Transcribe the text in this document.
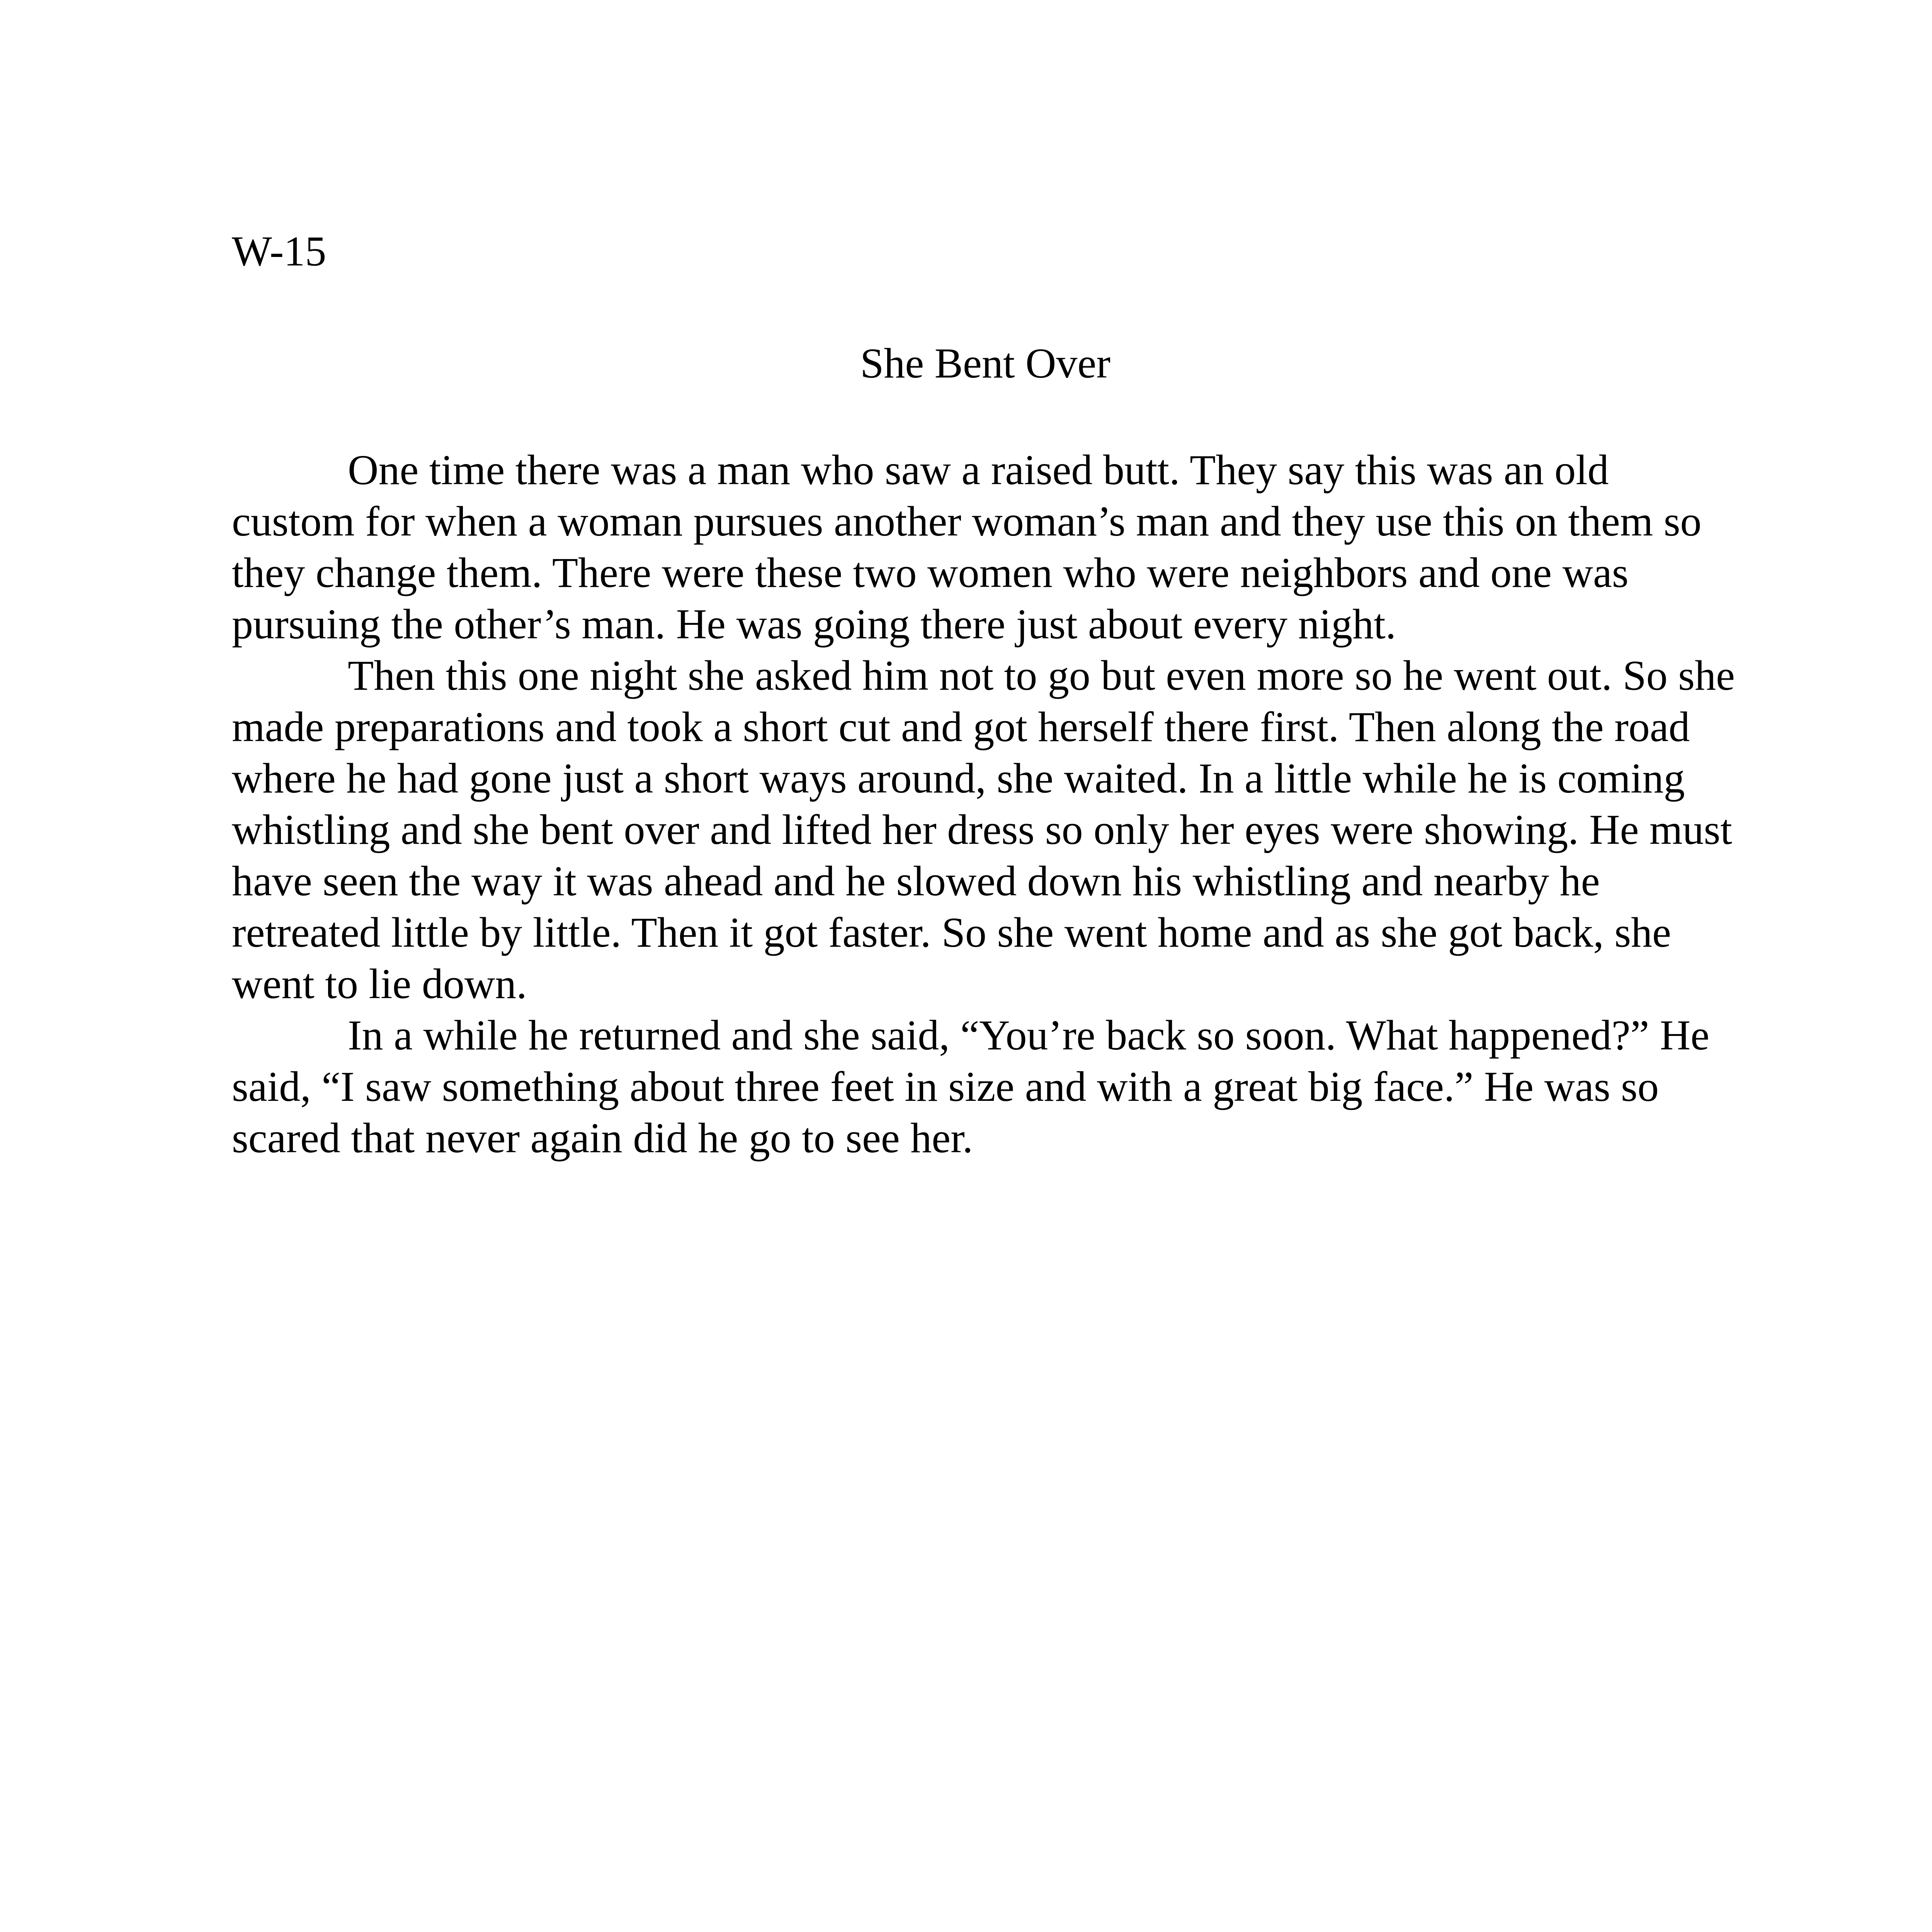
W-15
She Bent Over

One time there was a man who saw a raised butt. They say this was an old custom for when a woman pursues another woman’s man and they use this on them so they change them. There were these two women who were neighbors and one was pursuing the other’s man. He was going there just about every night.

Then this one night she asked him not to go but even more so he went out. So she made preparations and took a short cut and got herself there first. Then along the road where he had gone just a short ways around, she waited. In a little while he is coming whistling and she bent over and lifted her dress so only her eyes were showing. He must have seen the way it was ahead and he slowed down his whistling and nearby he retreated little by little. Then it got faster. So she went home and as she got back, she went to lie down.

In a while he returned and she said, “You’re back so soon. What happened?” He said, “I saw something about three feet in size and with a great big face.” He was so scared that never again did he go to see her.
